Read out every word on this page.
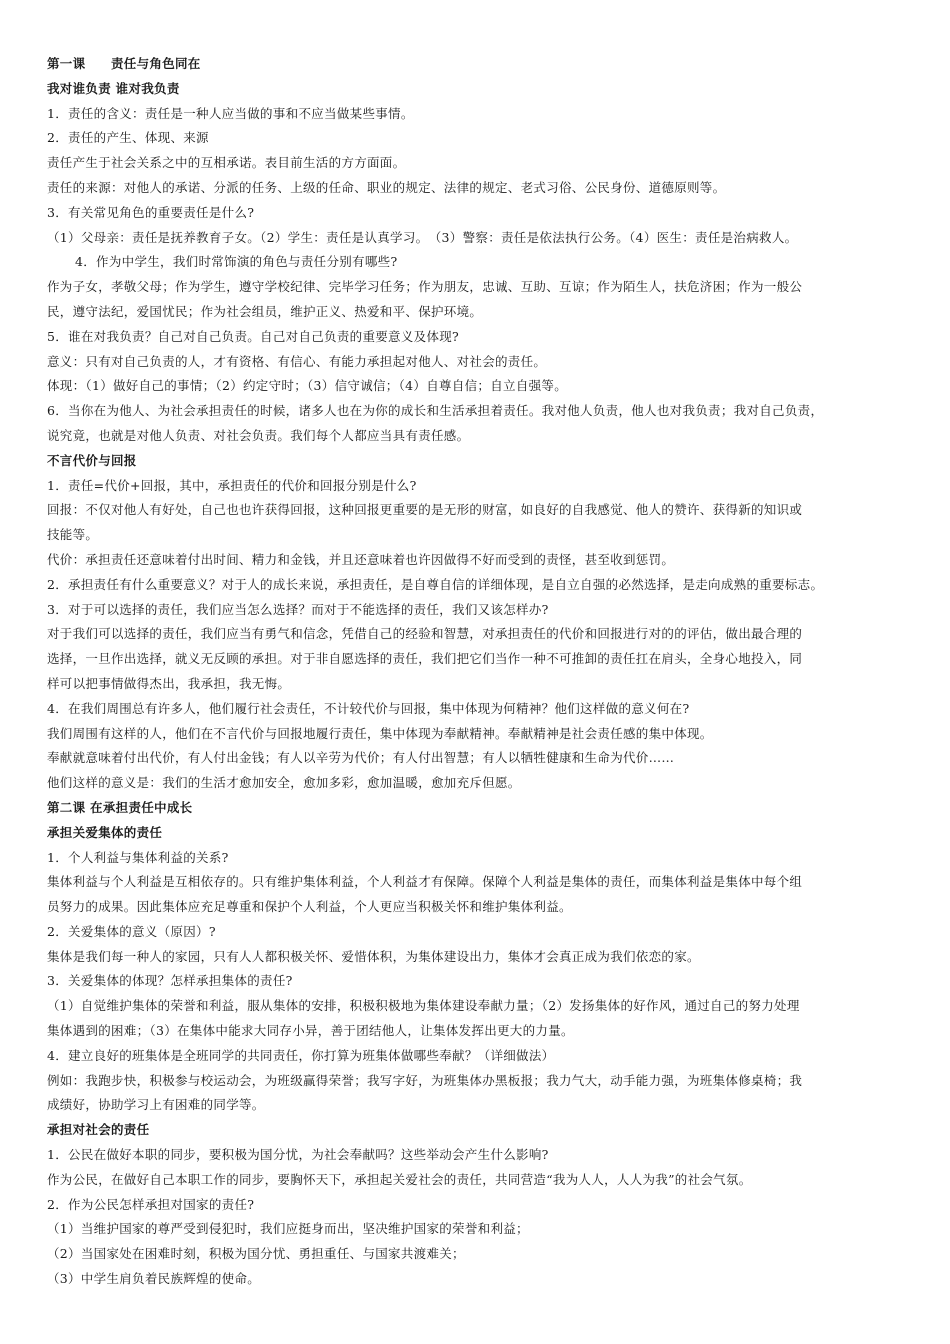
第一课　　责任与角色同在
我对谁负责 谁对我负责
1．责任的含义：责任是一种人应当做的事和不应当做某些事情。
2．责任的产生、体现、来源
责任产生于社会关系之中的互相承诺。表目前生活的方方面面。
责任的来源：对他人的承诺、分派的任务、上级的任命、职业的规定、法律的规定、老式习俗、公民身份、道德原则等。
3．有关常见角色的重要责任是什么?
（1）父母亲：责任是抚养教育子女。（2）学生：责任是认真学习。　（3）警察：责任是依法执行公务。（4）医生：责任是治病救人。
4．作为中学生，我们时常饰演的角色与责任分别有哪些?
作为子女，孝敬父母；作为学生，遵守学校纪律、完毕学习任务；作为朋友，忠诚、互助、互谅；作为陌生人，扶危济困；作为一般公
民，遵守法纪，爱国忧民；作为社会组员，维护正义、热爱和平、保护环境。
5．谁在对我负责？自己对自己负责。自己对自己负责的重要意义及体现?
意义：只有对自己负责的人，才有资格、有信心、有能力承担起对他人、对社会的责任。
体现：（1）做好自己的事情；（2）约定守时；（3）信守诚信；（4）自尊自信；自立自强等。
6．当你在为他人、为社会承担责任的时候，诸多人也在为你的成长和生活承担着责任。我对他人负责，他人也对我负责；我对自己负责，
说究竟，也就是对他人负责、对社会负责。我们每个人都应当具有责任感。
不言代价与回报
1．责任=代价+回报，其中，承担责任的代价和回报分别是什么?
回报：不仅对他人有好处，自己也也许获得回报，这种回报更重要的是无形的财富，如良好的自我感觉、他人的赞许、获得新的知识或
技能等。
代价：承担责任还意味着付出时间、精力和金钱，并且还意味着也许因做得不好而受到的责怪，甚至收到惩罚。
2．承担责任有什么重要意义？对于人的成长来说，承担责任，是自尊自信的详细体现，是自立自强的必然选择，是走向成熟的重要标志。
3．对于可以选择的责任，我们应当怎么选择？而对于不能选择的责任，我们又该怎样办?
对于我们可以选择的责任，我们应当有勇气和信念，凭借自己的经验和智慧，对承担责任的代价和回报进行对的的评估，做出最合理的
选择，一旦作出选择，就义无反顾的承担。对于非自愿选择的责任，我们把它们当作一种不可推卸的责任扛在肩头，全身心地投入，同
样可以把事情做得杰出，我承担，我无悔。
4．在我们周围总有许多人，他们履行社会责任，不计较代价与回报，集中体现为何精神？他们这样做的意义何在?
我们周围有这样的人，他们在不言代价与回报地履行责任，集中体现为奉献精神。奉献精神是社会责任感的集中体现。
奉献就意味着付出代价，有人付出金钱；有人以辛劳为代价；有人付出智慧；有人以牺牲健康和生命为代价……
他们这样的意义是：我们的生活才愈加安全，愈加多彩，愈加温暖，愈加充斥但愿。
第二课 在承担责任中成长
承担关爱集体的责任
1．个人利益与集体利益的关系?
集体利益与个人利益是互相依存的。只有维护集体利益，个人利益才有保障。保障个人利益是集体的责任，而集体利益是集体中每个组
员努力的成果。因此集体应充足尊重和保护个人利益，个人更应当积极关怀和维护集体利益。
2．关爱集体的意义（原因）?
集体是我们每一种人的家园，只有人人都积极关怀、爱惜体积，为集体建设出力，集体才会真正成为我们依恋的家。
3．关爱集体的体现？怎样承担集体的责任?
（1）自觉维护集体的荣誉和利益，服从集体的安排，积极积极地为集体建设奉献力量；（2）发扬集体的好作风，通过自己的努力处理
集体遇到的困难；（3）在集体中能求大同存小异，善于团结他人，让集体发挥出更大的力量。
4．建立良好的班集体是全班同学的共同责任，你打算为班集体做哪些奉献？（详细做法）
例如：我跑步快，积极参与校运动会，为班级赢得荣誉；我写字好，为班集体办黑板报；我力气大，动手能力强，为班集体修桌椅；我
成绩好，协助学习上有困难的同学等。
承担对社会的责任
1．公民在做好本职的同步，要积极为国分忧，为社会奉献吗？这些举动会产生什么影响?
作为公民，在做好自己本职工作的同步，要胸怀天下，承担起关爱社会的责任，共同营造“我为人人，人人为我”的社会气氛。
2．作为公民怎样承担对国家的责任?
（1）当维护国家的尊严受到侵犯时，我们应挺身而出，坚决维护国家的荣誉和利益；
（2）当国家处在困难时刻，积极为国分忧、勇担重任、与国家共渡难关；
（3）中学生肩负着民族辉煌的使命。
